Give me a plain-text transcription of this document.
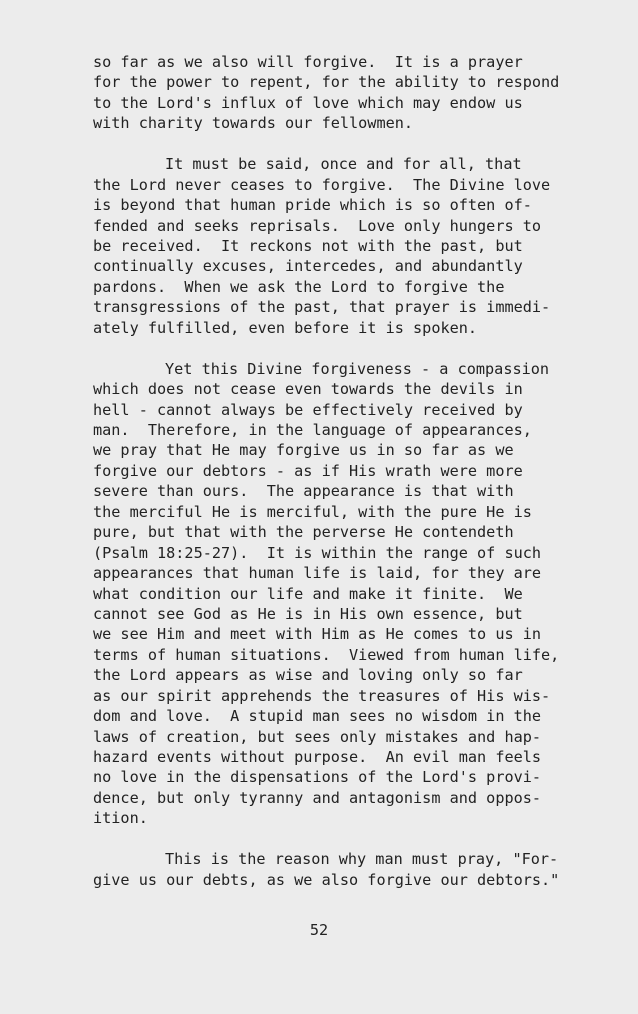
so far as we also will forgive.  It is a prayer
for the power to repent, for the ability to respond
to the Lord's influx of love which may endow us
with charity towards our fellowmen.
It must be said, once and for all, that
the Lord never ceases to forgive.  The Divine love
is beyond that human pride which is so often of-
fended and seeks reprisals.  Love only hungers to
be received.  It reckons not with the past, but
continually excuses, intercedes, and abundantly
pardons.  When we ask the Lord to forgive the
transgressions of the past, that prayer is immedi-
ately fulfilled, even before it is spoken.
Yet this Divine forgiveness - a compassion
which does not cease even towards the devils in
hell - cannot always be effectively received by
man.  Therefore, in the language of appearances,
we pray that He may forgive us in so far as we
forgive our debtors - as if His wrath were more
severe than ours.  The appearance is that with
the merciful He is merciful, with the pure He is
pure, but that with the perverse He contendeth
(Psalm 18:25-27).  It is within the range of such
appearances that human life is laid, for they are
what condition our life and make it finite.  We
cannot see God as He is in His own essence, but
we see Him and meet with Him as He comes to us in
terms of human situations.  Viewed from human life,
the Lord appears as wise and loving only so far
as our spirit apprehends the treasures of His wis-
dom and love.  A stupid man sees no wisdom in the
laws of creation, but sees only mistakes and hap-
hazard events without purpose.  An evil man feels
no love in the dispensations of the Lord's provi-
dence, but only tyranny and antagonism and oppos-
ition.
This is the reason why man must pray, "For-
give us our debts, as we also forgive our debtors."
52
